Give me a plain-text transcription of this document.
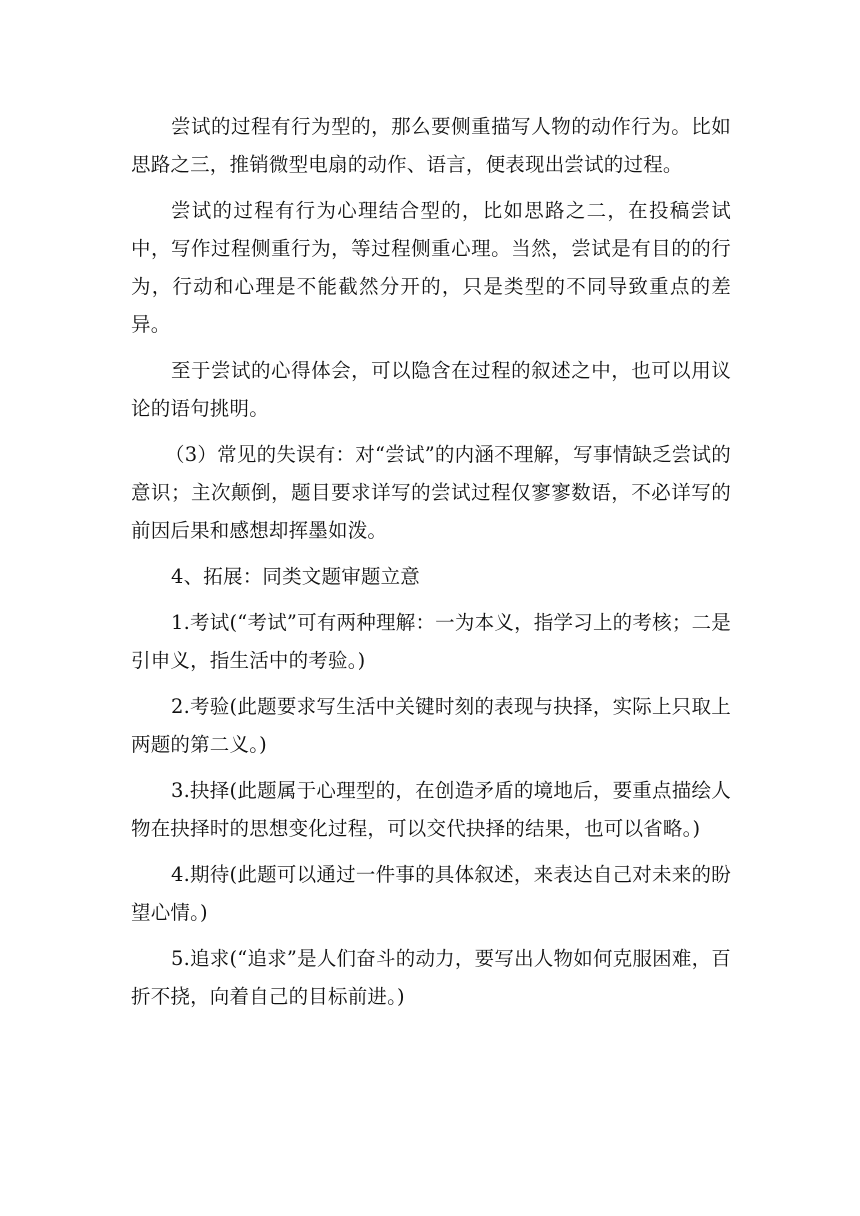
尝试的过程有行为型的，那么要侧重描写人物的动作行为。比如思路之三，推销微型电扇的动作、语言，便表现出尝试的过程。

尝试的过程有行为心理结合型的，比如思路之二，在投稿尝试中，写作过程侧重行为，等过程侧重心理。当然，尝试是有目的的行为，行动和心理是不能截然分开的，只是类型的不同导致重点的差异。

至于尝试的心得体会，可以隐含在过程的叙述之中，也可以用议论的语句挑明。

（3）常见的失误有：对“尝试”的内涵不理解，写事情缺乏尝试的意识；主次颠倒，题目要求详写的尝试过程仅寥寥数语，不必详写的前因后果和感想却挥墨如泼。

4、拓展：同类文题审题立意

1.考试(“考试”可有两种理解：一为本义，指学习上的考核；二是引申义，指生活中的考验。)

2.考验(此题要求写生活中关键时刻的表现与抉择，实际上只取上两题的第二义。)

3.抉择(此题属于心理型的，在创造矛盾的境地后，要重点描绘人物在抉择时的思想变化过程，可以交代抉择的结果，也可以省略。)

4.期待(此题可以通过一件事的具体叙述，来表达自己对未来的盼望心情。)

5.追求(“追求”是人们奋斗的动力，要写出人物如何克服困难，百折不挠，向着自己的目标前进。)
